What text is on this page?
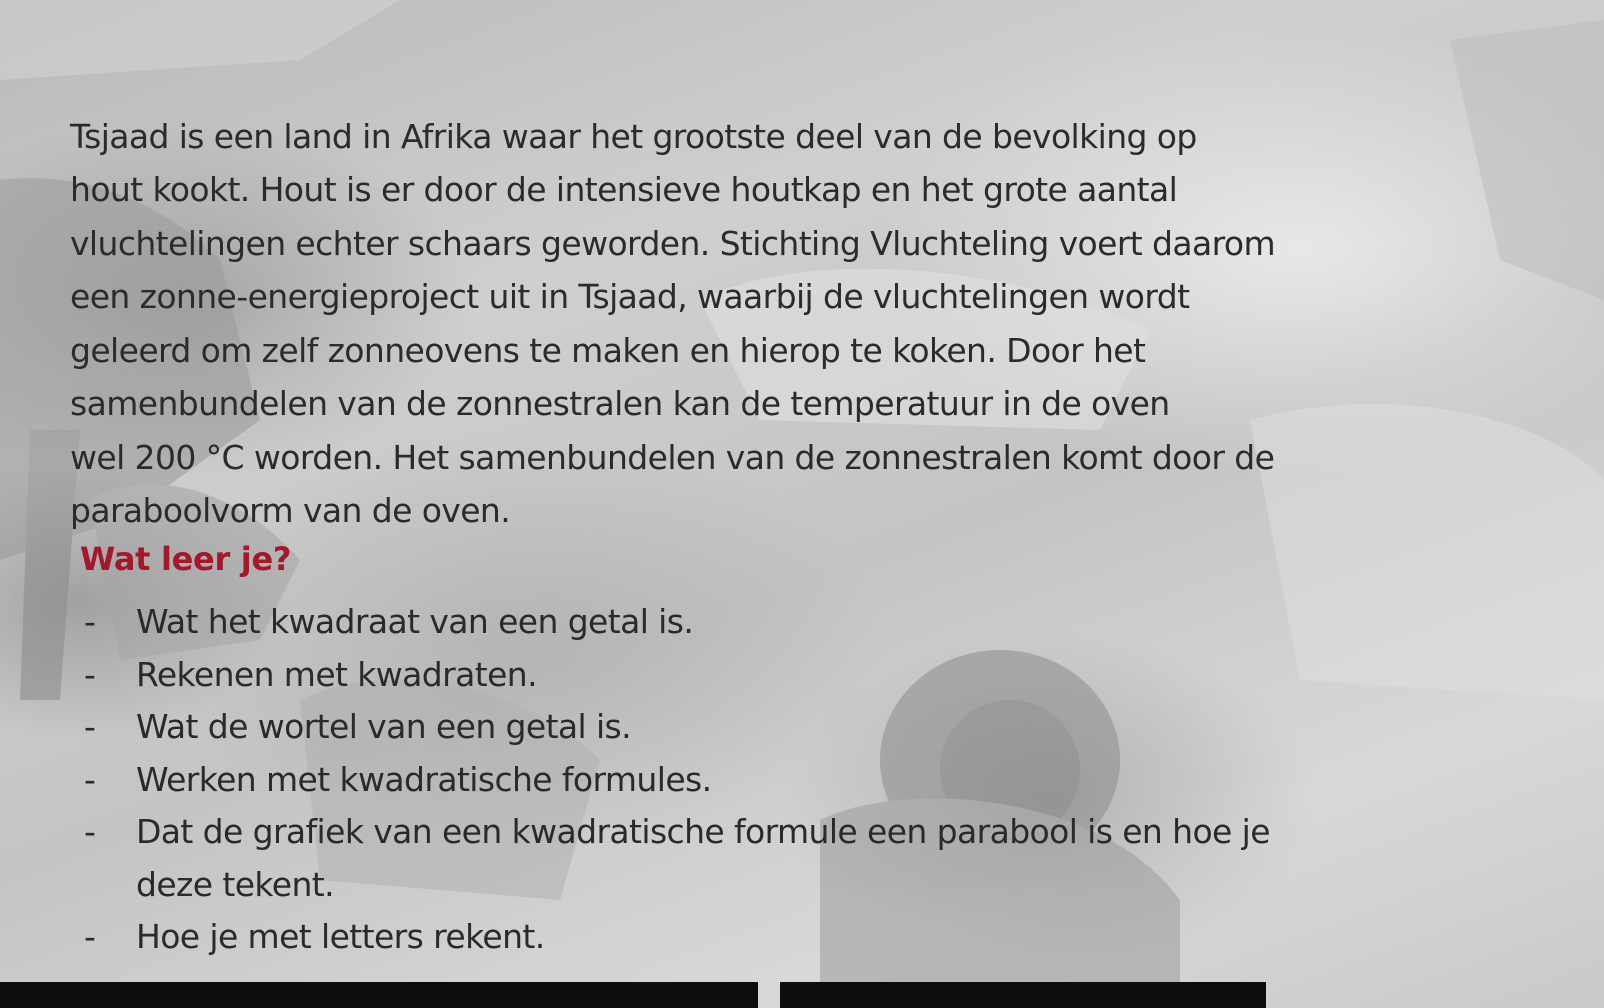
Tsjaad is een land in Afrika waar het grootste deel van de bevolking op
hout kookt. Hout is er door de intensieve houtkap en het grote aantal
vluchtelingen echter schaars geworden. Stichting Vluchteling voert daarom
een zonne-energieproject uit in Tsjaad, waarbij de vluchtelingen wordt
geleerd om zelf zonneovens te maken en hierop te koken. Door het
samenbundelen van de zonnestralen kan de temperatuur in de oven
wel 200 °C worden. Het samenbundelen van de zonnestralen komt door de
paraboolvorm van de oven.

Wat leer je?
-	Wat het kwadraat van een getal is.
-	Rekenen met kwadraten.
-	Wat de wortel van een getal is.
-	Werken met kwadratische formules.
-	Dat de grafiek van een kwadratische formule een parabool is en hoe je deze tekent.
-	Hoe je met letters rekent.
